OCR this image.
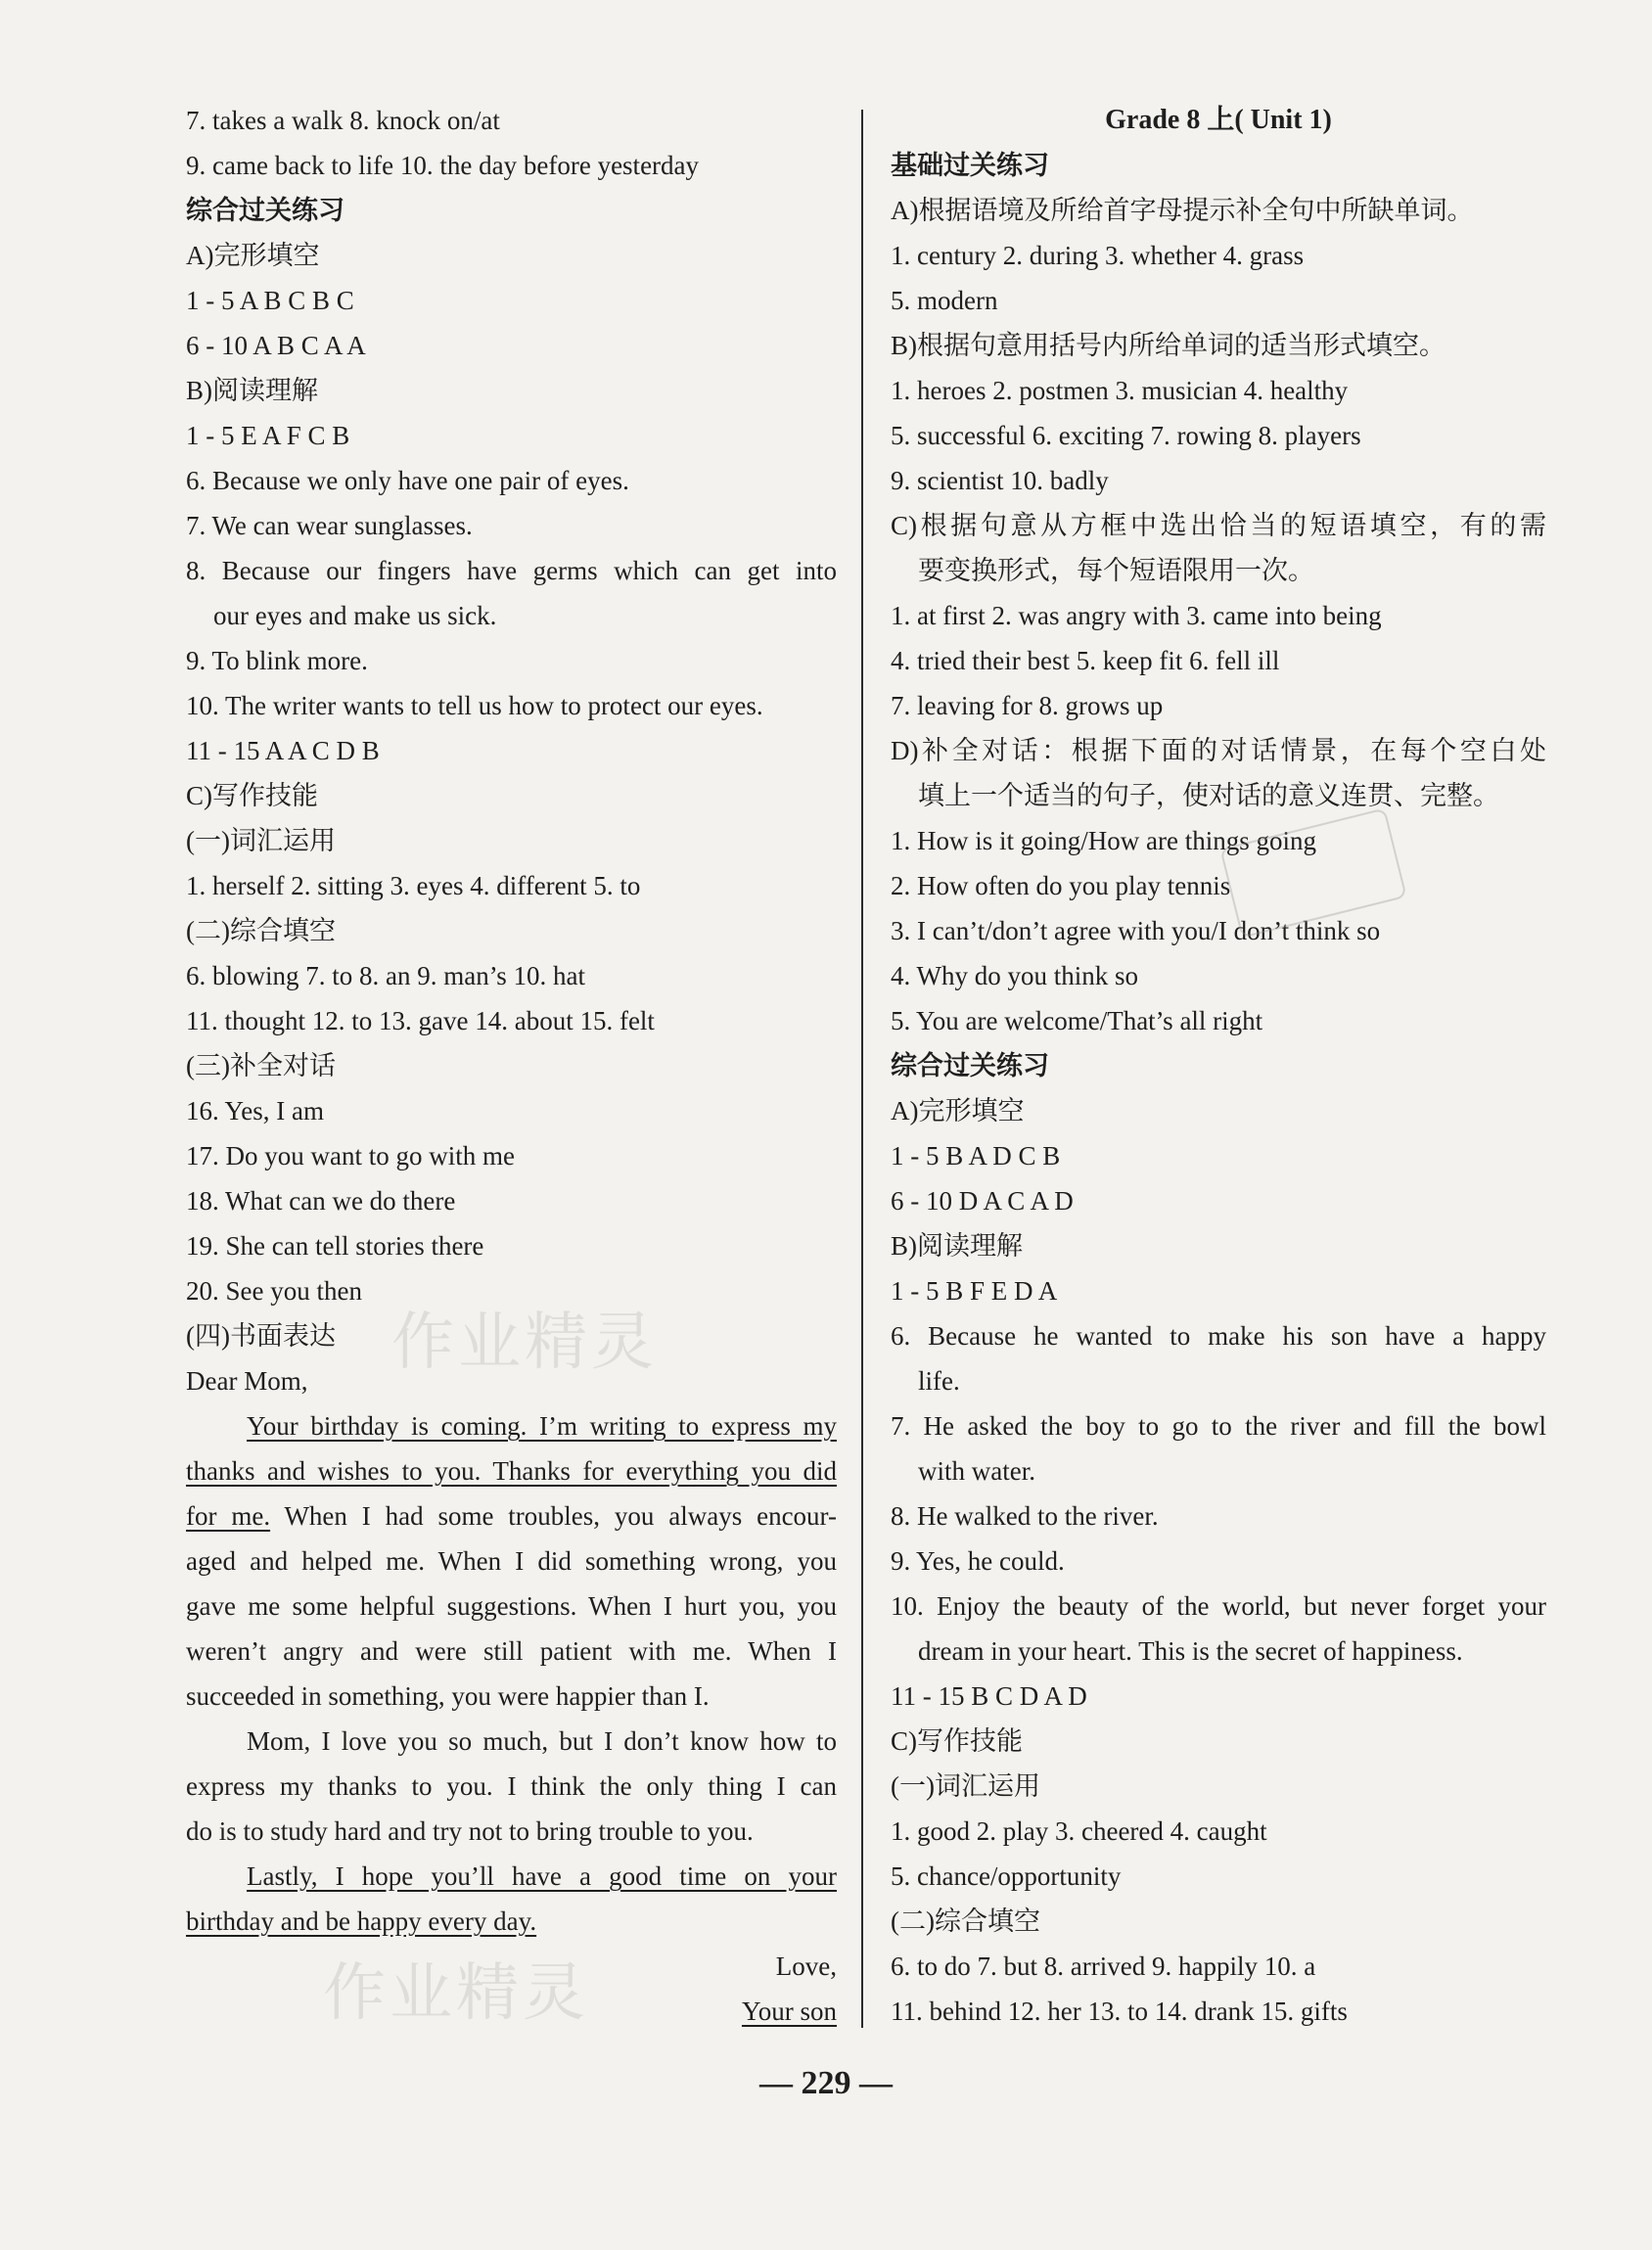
7. takes a walk 8. knock on/at
9. came back to life 10. the day before yesterday
综合过关练习
A)完形填空
1 - 5 A B C B C
6 - 10 A B C A A
B)阅读理解
1 - 5 E A F C B
6. Because we only have one pair of eyes.
7. We can wear sunglasses.
8. Because our fingers have germs which can get into
our eyes and make us sick.
9. To blink more.
10. The writer wants to tell us how to protect our eyes.
11 - 15 A A C D B
C)写作技能
(一)词汇运用
1. herself 2. sitting 3. eyes 4. different 5. to
(二)综合填空
6. blowing 7. to 8. an 9. man’s 10. hat
11. thought 12. to 13. gave 14. about 15. felt
(三)补全对话
16. Yes, I am
17. Do you want to go with me
18. What can we do there
19. She can tell stories there
20. See you then
(四)书面表达
Dear Mom,
Your birthday is coming. I’m writing to express my
thanks and wishes to you. Thanks for everything you did
for me. When I had some troubles, you always encour-
aged and helped me. When I did something wrong, you
gave me some helpful suggestions. When I hurt you, you
weren’t angry and were still patient with me. When I
succeeded in something, you were happier than I.
Mom, I love you so much, but I don’t know how to
express my thanks to you. I think the only thing I can
do is to study hard and try not to bring trouble to you.
Lastly, I hope you’ll have a good time on your
birthday and be happy every day.
Love,
Your son
Grade 8 上( Unit 1)
基础过关练习
A)根据语境及所给首字母提示补全句中所缺单词。
1. century 2. during 3. whether 4. grass
5. modern
B)根据句意用括号内所给单词的适当形式填空。
1. heroes 2. postmen 3. musician 4. healthy
5. successful 6. exciting 7. rowing 8. players
9. scientist 10. badly
C)根据句意从方框中选出恰当的短语填空，有的需
要变换形式，每个短语限用一次。
1. at first 2. was angry with 3. came into being
4. tried their best 5. keep fit 6. fell ill
7. leaving for 8. grows up
D)补全对话：根据下面的对话情景，在每个空白处
填上一个适当的句子，使对话的意义连贯、完整。
1. How is it going/How are things going
2. How often do you play tennis
3. I can’t/don’t agree with you/I don’t think so
4. Why do you think so
5. You are welcome/That’s all right
综合过关练习
A)完形填空
1 - 5 B A D C B
6 - 10 D A C A D
B)阅读理解
1 - 5 B F E D A
6. Because he wanted to make his son have a happy
life.
7. He asked the boy to go to the river and fill the bowl
with water.
8. He walked to the river.
9. Yes, he could.
10. Enjoy the beauty of the world, but never forget your
dream in your heart. This is the secret of happiness.
11 - 15 B C D A D
C)写作技能
(一)词汇运用
1. good 2. play 3. cheered 4. caught
5. chance/opportunity
(二)综合填空
6. to do 7. but 8. arrived 9. happily 10. a
11. behind 12. her 13. to 14. drank 15. gifts
— 229 —
作业精灵
作业精灵
